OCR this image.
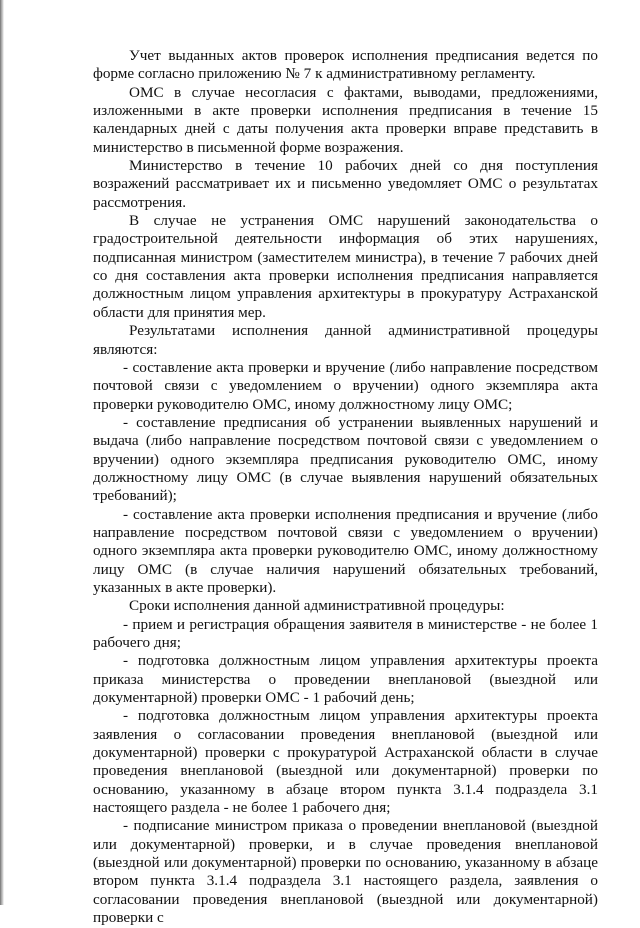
Учет выданных актов проверок исполнения предписания ведется по форме согласно приложению № 7 к административному регламенту.

ОМС в случае несогласия с фактами, выводами, предложениями, изложенными в акте проверки исполнения предписания в течение 15 календарных дней с даты получения акта проверки вправе представить в министерство в письменной форме возражения.

Министерство в течение 10 рабочих дней со дня поступления возражений рассматривает их и письменно уведомляет ОМС о результатах рассмотрения.

В случае не устранения ОМС нарушений законодательства о градостроительной деятельности информация об этих нарушениях, подписанная министром (заместителем министра), в течение 7 рабочих дней со дня составления акта проверки исполнения предписания направляется должностным лицом управления архитектуры в прокуратуру Астраханской области для принятия мер.

Результатами исполнения данной административной процедуры являются:

- составление акта проверки и вручение (либо направление посредством почтовой связи с уведомлением о вручении) одного экземпляра акта проверки руководителю ОМС, иному должностному лицу ОМС;

- составление предписания об устранении выявленных нарушений и выдача (либо направление посредством почтовой связи с уведомлением о вручении) одного экземпляра предписания руководителю ОМС, иному должностному лицу ОМС (в случае выявления нарушений обязательных требований);

- составление акта проверки исполнения предписания и вручение (либо направление посредством почтовой связи с уведомлением о вручении) одного экземпляра акта проверки руководителю ОМС, иному должностному лицу ОМС (в случае наличия нарушений обязательных требований, указанных в акте проверки).

Сроки исполнения данной административной процедуры:

- прием и регистрация обращения заявителя в министерстве - не более 1 рабочего дня;

- подготовка должностным лицом управления архитектуры проекта приказа министерства о проведении внеплановой (выездной или документарной) проверки ОМС - 1 рабочий день;

- подготовка должностным лицом управления архитектуры проекта заявления о согласовании проведения внеплановой (выездной или документарной) проверки с прокуратурой Астраханской области в случае проведения внеплановой (выездной или документарной) проверки по основанию, указанному в абзаце втором пункта 3.1.4 подраздела 3.1 настоящего раздела - не более 1 рабочего дня;

- подписание министром приказа о проведении внеплановой (выездной или документарной) проверки, и в случае проведения внеплановой (выездной или документарной) проверки по основанию, указанному в абзаце втором пункта 3.1.4 подраздела 3.1 настоящего раздела, заявления о согласовании проведения внеплановой (выездной или документарной) проверки с
